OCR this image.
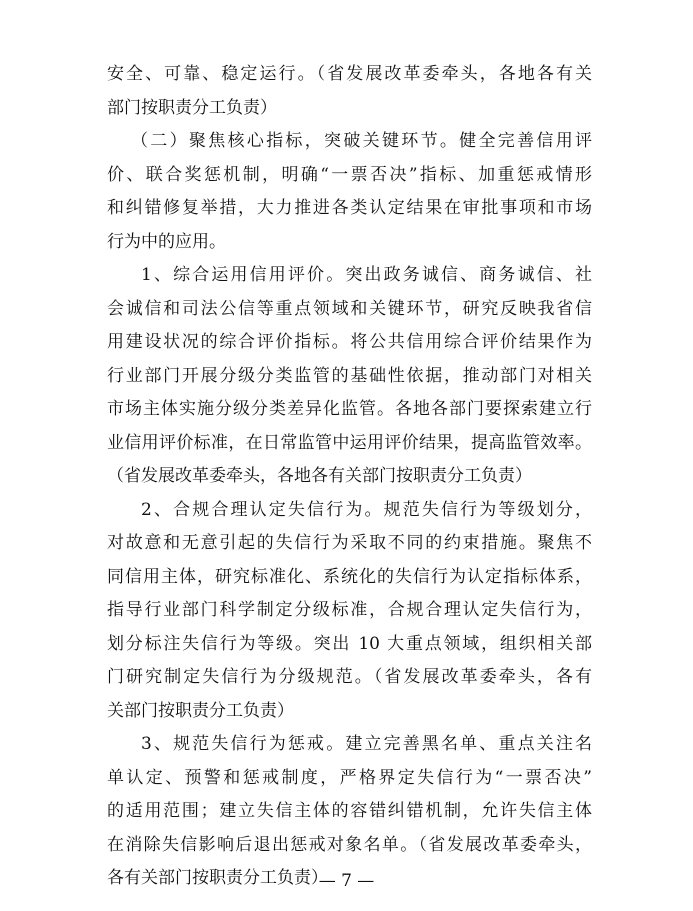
安全、可靠、稳定运行。（省发展改革委牵头，各地各有关
部门按职责分工负责）
（二）聚焦核心指标，突破关键环节。健全完善信用评
价、联合奖惩机制，明确“一票否决”指标、加重惩戒情形
和纠错修复举措，大力推进各类认定结果在审批事项和市场
行为中的应用。
1、综合运用信用评价。突出政务诚信、商务诚信、社
会诚信和司法公信等重点领域和关键环节，研究反映我省信
用建设状况的综合评价指标。将公共信用综合评价结果作为
行业部门开展分级分类监管的基础性依据，推动部门对相关
市场主体实施分级分类差异化监管。各地各部门要探索建立行
业信用评价标准，在日常监管中运用评价结果，提高监管效率。
（省发展改革委牵头，各地各有关部门按职责分工负责）
2、合规合理认定失信行为。规范失信行为等级划分，
对故意和无意引起的失信行为采取不同的约束措施。聚焦不
同信用主体，研究标准化、系统化的失信行为认定指标体系，
指导行业部门科学制定分级标准，合规合理认定失信行为，
划分标注失信行为等级。突出 10 大重点领域，组织相关部
门研究制定失信行为分级规范。（省发展改革委牵头，各有
关部门按职责分工负责）
3、规范失信行为惩戒。建立完善黑名单、重点关注名
单认定、预警和惩戒制度，严格界定失信行为“一票否决”
的适用范围；建立失信主体的容错纠错机制，允许失信主体
在消除失信影响后退出惩戒对象名单。（省发展改革委牵头，
各有关部门按职责分工负责）
— 7 —
